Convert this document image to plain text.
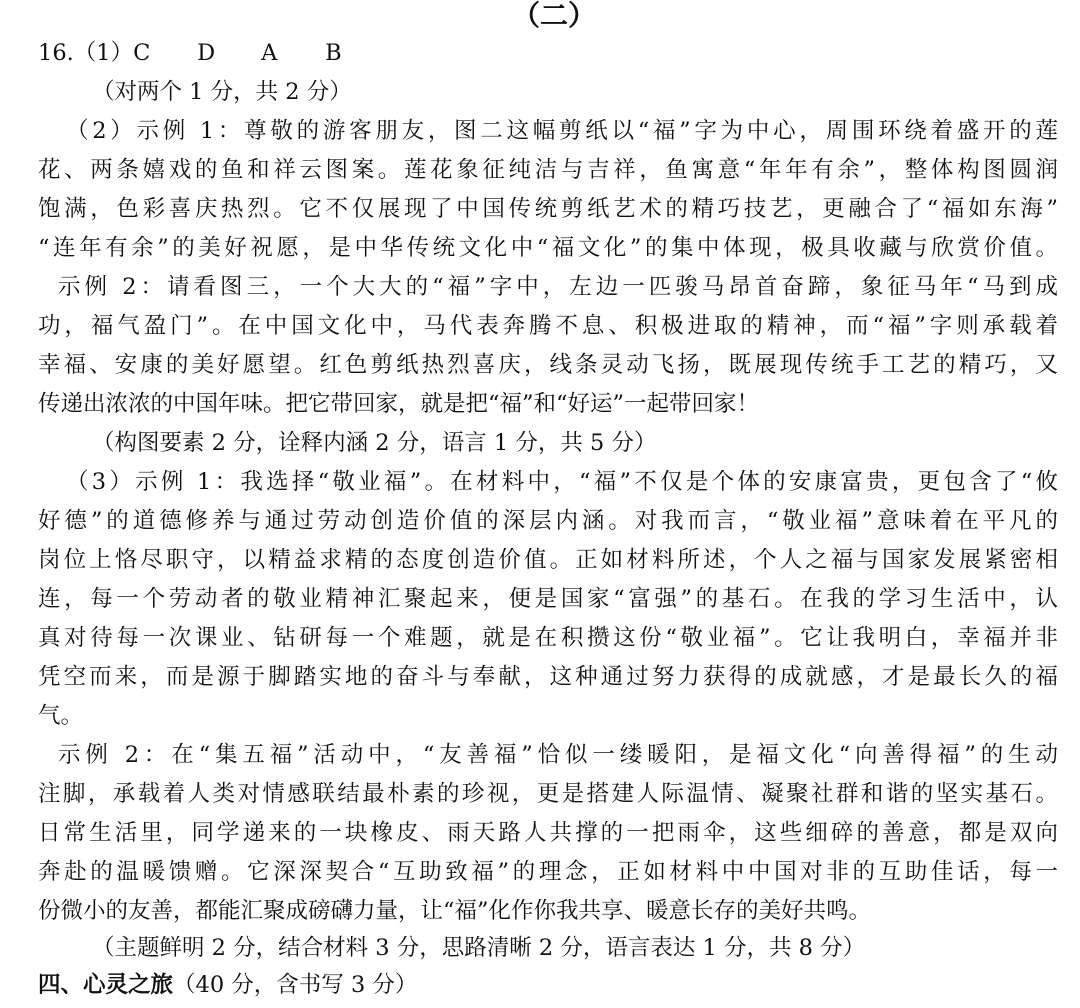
（二）
16.（1）C D A B
（对两个 1 分，共 2 分）
（2）示例 1：尊敬的游客朋友，图二这幅剪纸以“福”字为中心，周围环绕着盛开的莲
花、两条嬉戏的鱼和祥云图案。莲花象征纯洁与吉祥，鱼寓意“年年有余”，整体构图圆润
饱满，色彩喜庆热烈。它不仅展现了中国传统剪纸艺术的精巧技艺，更融合了“福如东海”
“连年有余”的美好祝愿，是中华传统文化中“福文化”的集中体现，极具收藏与欣赏价值。
示例 2：请看图三，一个大大的“福”字中，左边一匹骏马昂首奋蹄，象征马年“马到成
功，福气盈门”。在中国文化中，马代表奔腾不息、积极进取的精神，而“福”字则承载着
幸福、安康的美好愿望。红色剪纸热烈喜庆，线条灵动飞扬，既展现传统手工艺的精巧，又
传递出浓浓的中国年味。把它带回家，就是把“福”和“好运”一起带回家！
（构图要素 2 分，诠释内涵 2 分，语言 1 分，共 5 分）
（3）示例 1：我选择“敬业福”。在材料中，“福”不仅是个体的安康富贵，更包含了“攸
好德”的道德修养与通过劳动创造价值的深层内涵。对我而言，“敬业福”意味着在平凡的
岗位上恪尽职守，以精益求精的态度创造价值。正如材料所述，个人之福与国家发展紧密相
连，每一个劳动者的敬业精神汇聚起来，便是国家“富强”的基石。在我的学习生活中，认
真对待每一次课业、钻研每一个难题，就是在积攒这份“敬业福”。它让我明白，幸福并非
凭空而来，而是源于脚踏实地的奋斗与奉献，这种通过努力获得的成就感，才是最长久的福
气。
示例 2：在“集五福”活动中，“友善福”恰似一缕暖阳，是福文化“向善得福”的生动
注脚，承载着人类对情感联结最朴素的珍视，更是搭建人际温情、凝聚社群和谐的坚实基石。
日常生活里，同学递来的一块橡皮、雨天路人共撑的一把雨伞，这些细碎的善意，都是双向
奔赴的温暖馈赠。它深深契合“互助致福”的理念，正如材料中中国对非的互助佳话，每一
份微小的友善，都能汇聚成磅礴力量，让“福”化作你我共享、暖意长存的美好共鸣。
（主题鲜明 2 分，结合材料 3 分，思路清晰 2 分，语言表达 1 分，共 8 分）
四、心灵之旅（40 分，含书写 3 分）
